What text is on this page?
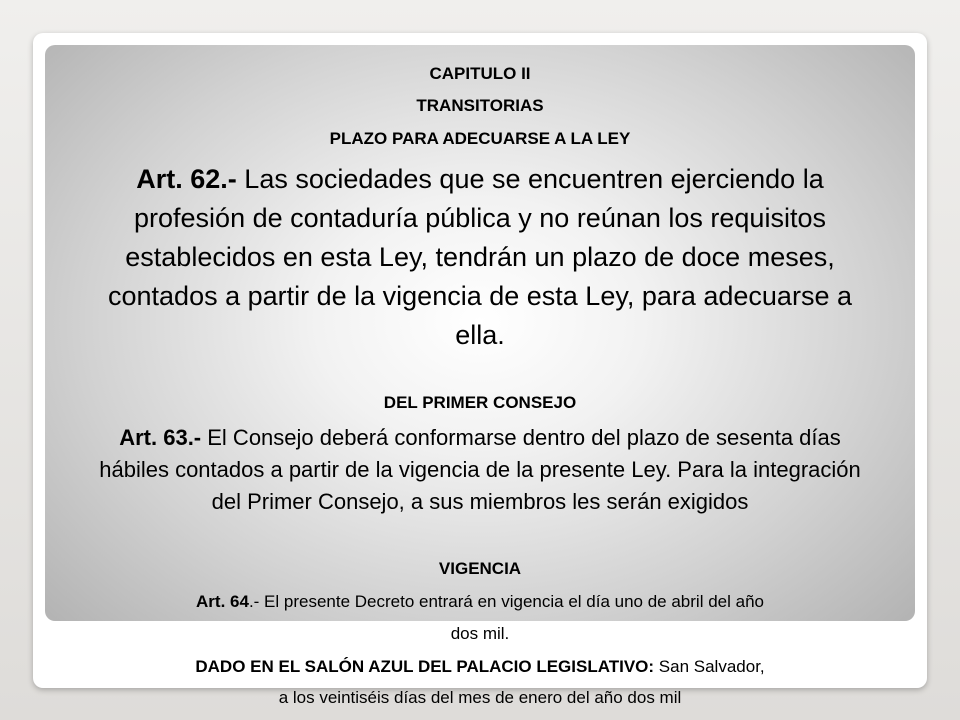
CAPITULO II

TRANSITORIAS

PLAZO PARA ADECUARSE A LA LEY

Art. 62.- Las sociedades que se encuentren ejerciendo la

profesión de contaduría pública y no reúnan los requisitos

establecidos en esta Ley, tendrán un plazo de doce meses,

contados a partir de la vigencia de esta Ley, para adecuarse a

ella.

DEL PRIMER CONSEJO

Art. 63.- El Consejo deberá conformarse dentro del plazo de sesenta días

hábiles contados a partir de la vigencia de la presente Ley. Para la integración

del Primer Consejo, a sus miembros les serán exigidos

VIGENCIA

Art. 64.- El presente Decreto entrará en vigencia el día uno de abril del año

dos mil.

DADO EN EL SALÓN AZUL DEL PALACIO LEGISLATIVO: San Salvador,

a los veintiséis días del mes de enero del año dos mil
